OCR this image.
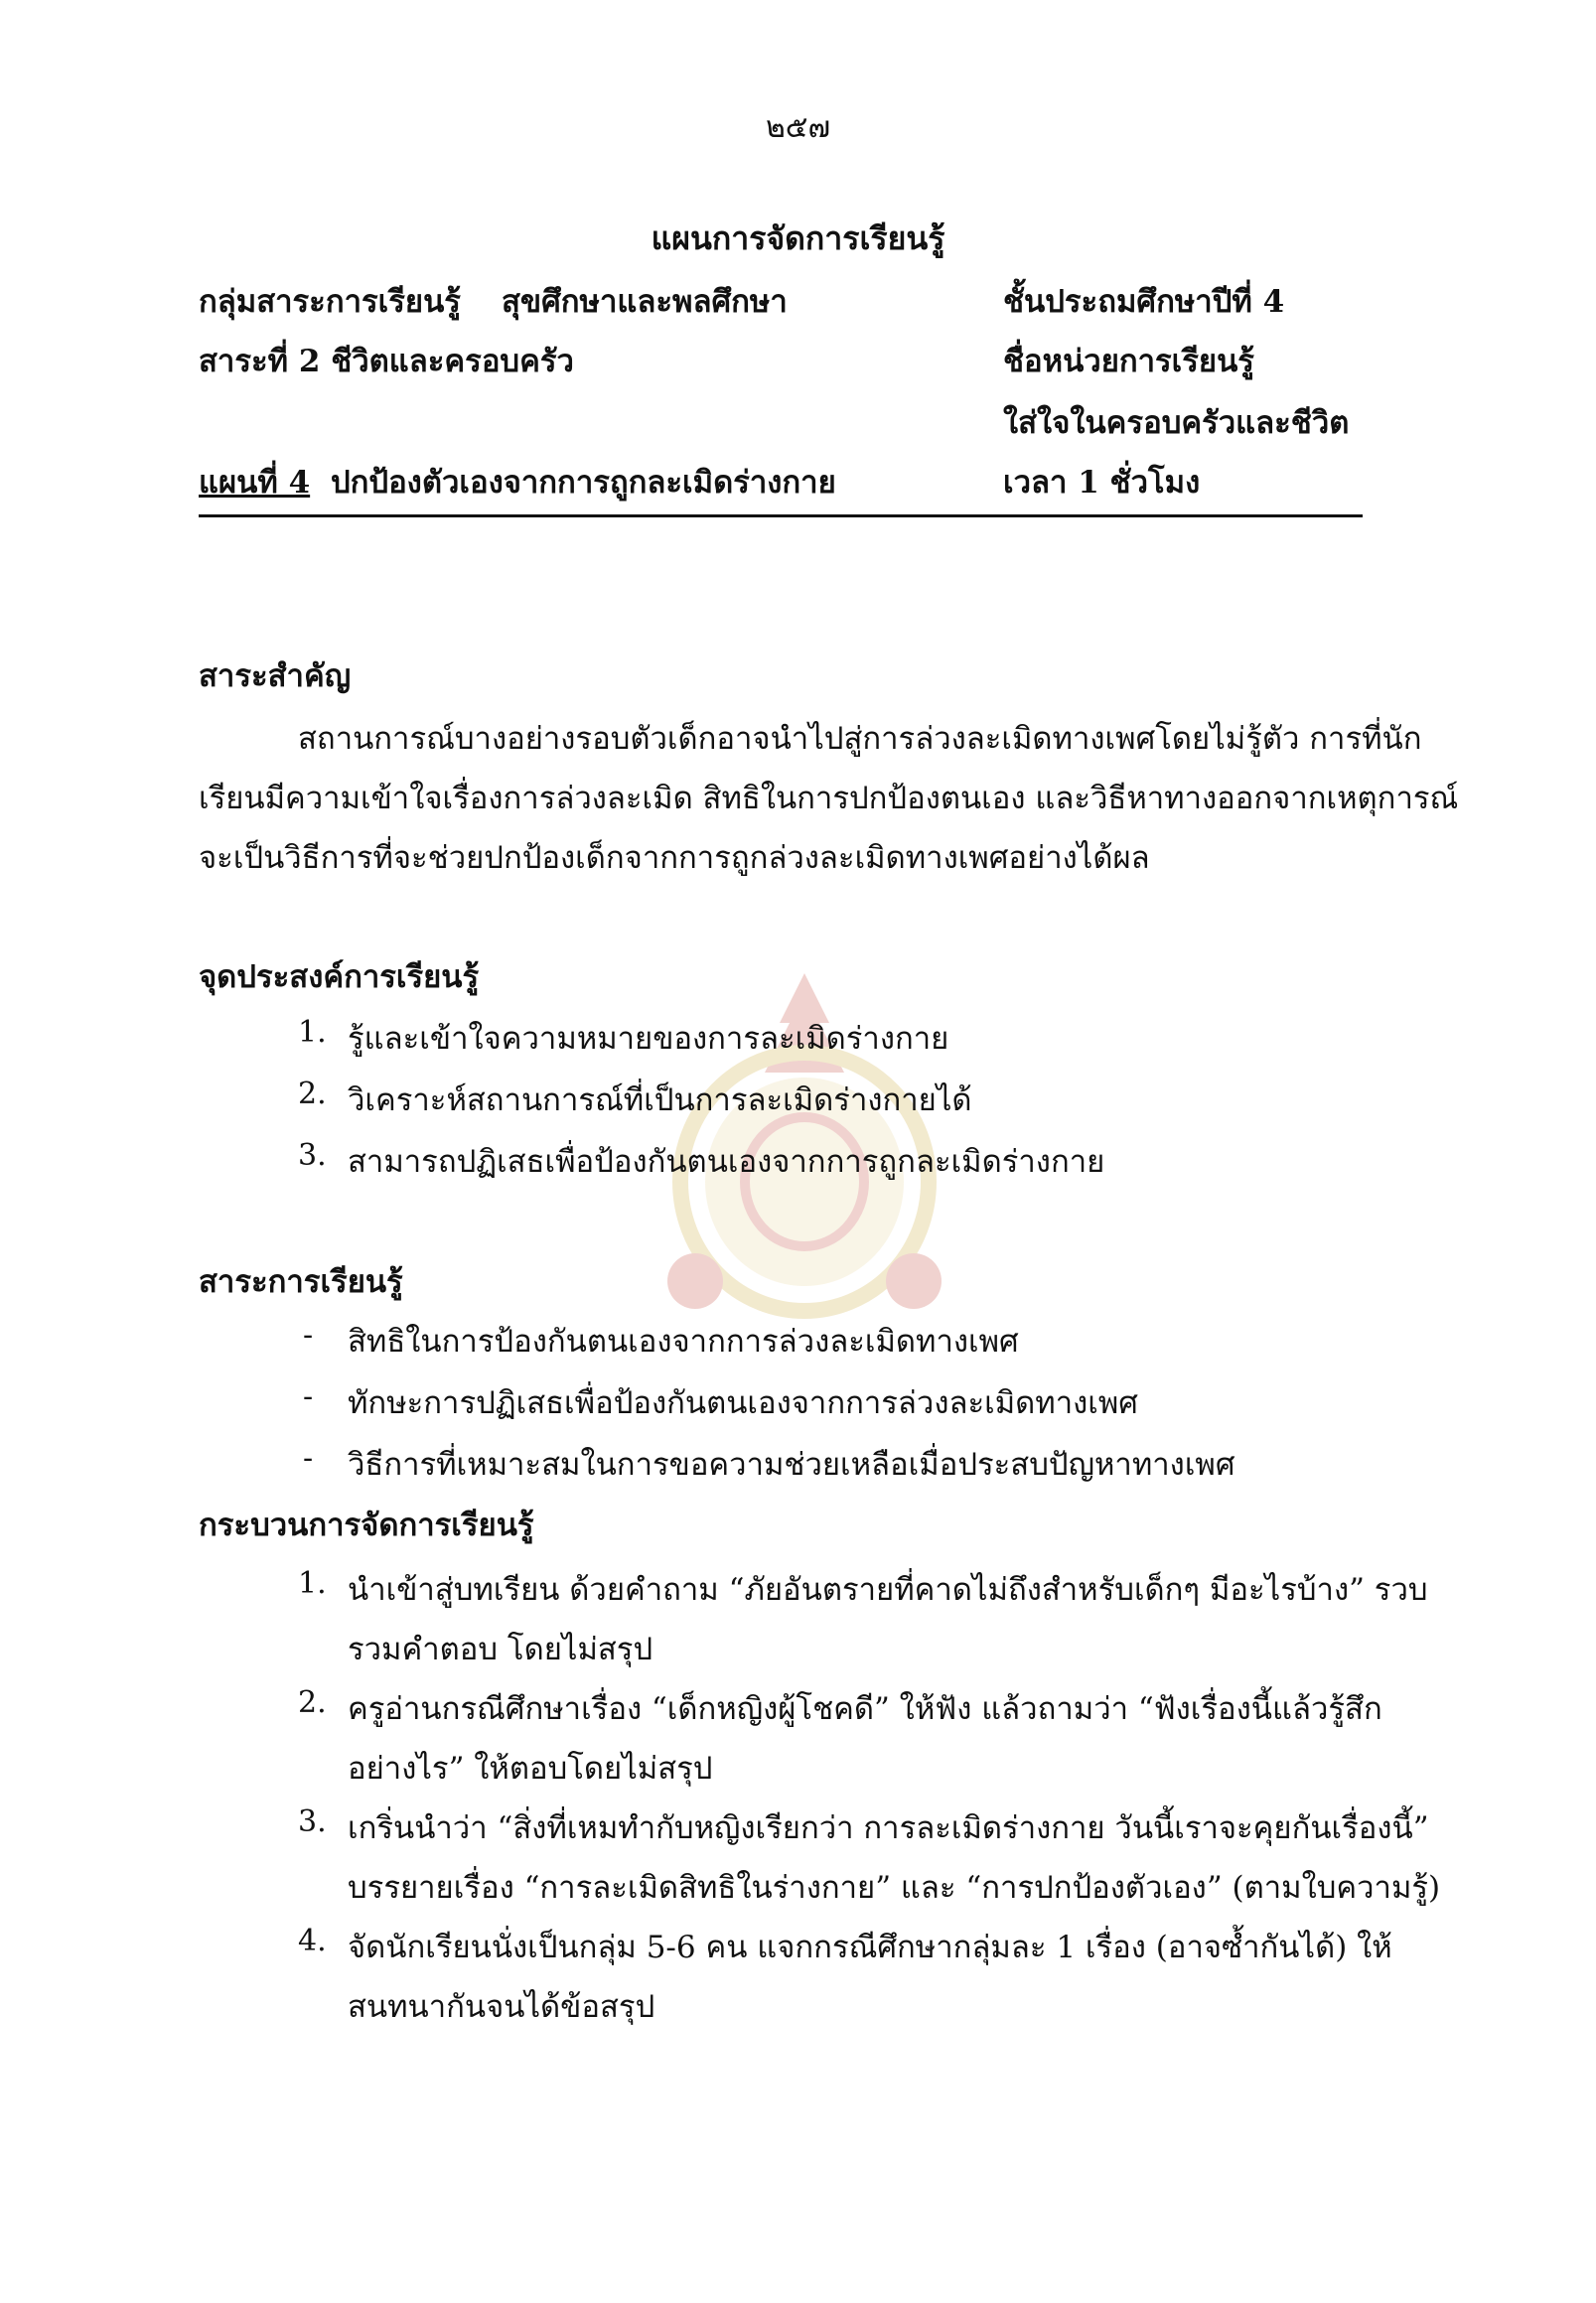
๒๕๗
แผนการจัดการเรียนรู้
กลุ่มสาระการเรียนรู้ สุขศึกษาและพลศึกษา	ชั้นประถมศึกษาปีที่ 4
สาระที่ 2 ชีวิตและครอบครัว	ชื่อหน่วยการเรียนรู้
ใส่ใจในครอบครัวและชีวิต
แผนที่ 4 ปกป้องตัวเองจากการถูกละเมิดร่างกาย	เวลา 1 ชั่วโมง
สาระสำคัญ
สถานการณ์บางอย่างรอบตัวเด็กอาจนำไปสู่การล่วงละเมิดทางเพศโดยไม่รู้ตัว การที่นัก
เรียนมีความเข้าใจเรื่องการล่วงละเมิด สิทธิในการปกป้องตนเอง และวิธีหาทางออกจากเหตุการณ์
จะเป็นวิธีการที่จะช่วยปกป้องเด็กจากการถูกล่วงละเมิดทางเพศอย่างได้ผล
จุดประสงค์การเรียนรู้
1. รู้และเข้าใจความหมายของการละเมิดร่างกาย
2. วิเคราะห์สถานการณ์ที่เป็นการละเมิดร่างกายได้
3. สามารถปฏิเสธเพื่อป้องกันตนเองจากการถูกละเมิดร่างกาย
สาระการเรียนรู้
- สิทธิในการป้องกันตนเองจากการล่วงละเมิดทางเพศ
- ทักษะการปฏิเสธเพื่อป้องกันตนเองจากการล่วงละเมิดทางเพศ
- วิธีการที่เหมาะสมในการขอความช่วยเหลือเมื่อประสบปัญหาทางเพศ
กระบวนการจัดการเรียนรู้
1. นำเข้าสู่บทเรียน ด้วยคำถาม “ภัยอันตรายที่คาดไม่ถึงสำหรับเด็กๆ มีอะไรบ้าง” รวบ
รวมคำตอบ โดยไม่สรุป
2. ครูอ่านกรณีศึกษาเรื่อง “เด็กหญิงผู้โชคดี” ให้ฟัง แล้วถามว่า “ฟังเรื่องนี้แล้วรู้สึก
อย่างไร” ให้ตอบโดยไม่สรุป
3. เกริ่นนำว่า “สิ่งที่เหมทำกับหญิงเรียกว่า การละเมิดร่างกาย วันนี้เราจะคุยกันเรื่องนี้”
บรรยายเรื่อง “การละเมิดสิทธิในร่างกาย” และ “การปกป้องตัวเอง” (ตามใบความรู้)
4. จัดนักเรียนนั่งเป็นกลุ่ม 5-6 คน แจกกรณีศึกษากลุ่มละ 1 เรื่อง (อาจซ้ำกันได้) ให้
สนทนากันจนได้ข้อสรุป
